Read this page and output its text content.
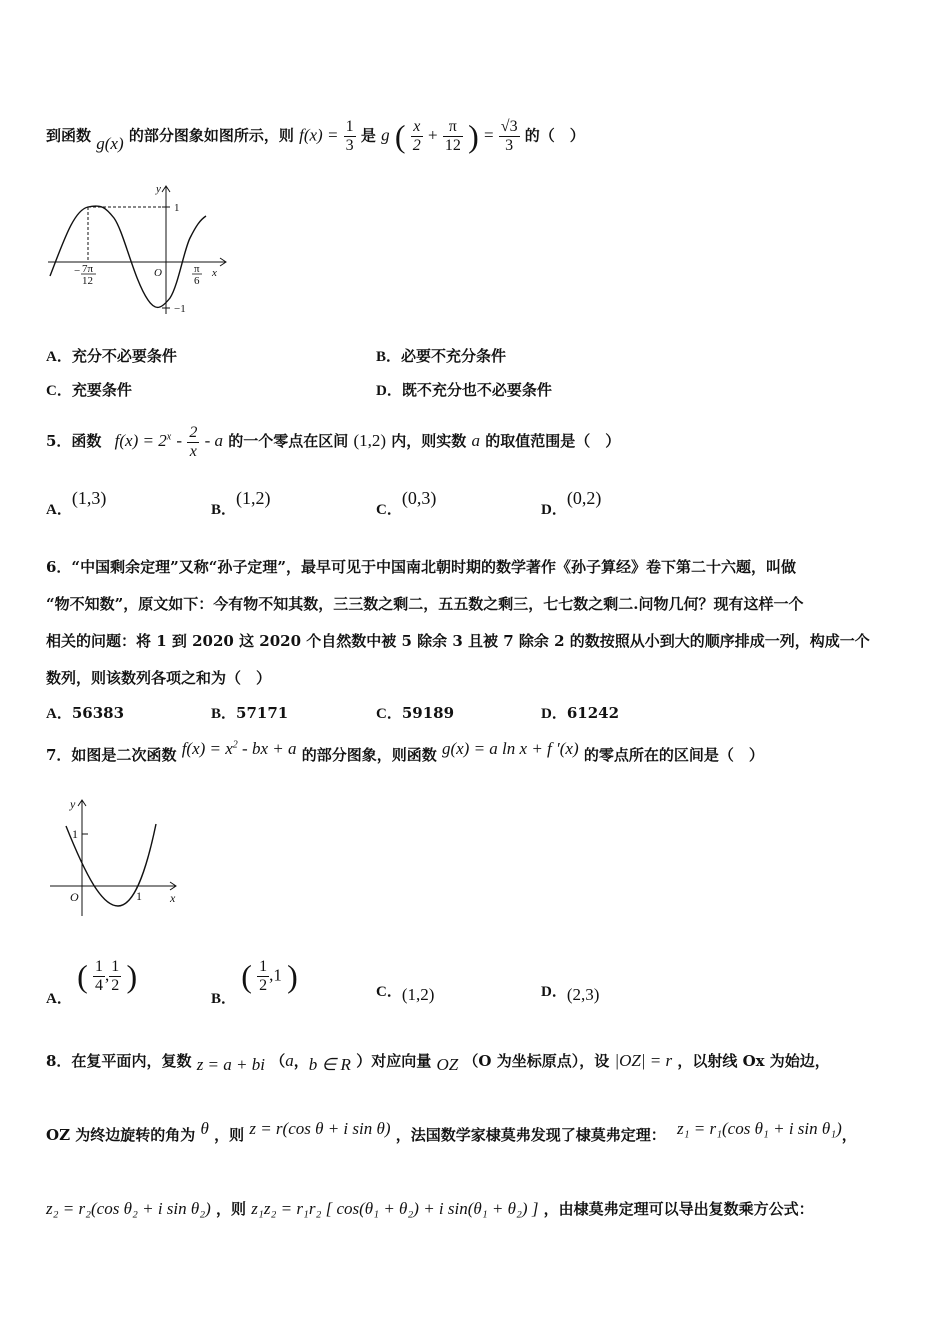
到函数 g(x) 的部分图象如图所示，则 $f(x) = \frac{1}{3}$ 是 g ( $\frac{x}{2} + \frac{\pi}{12}$ ) = $\frac{√3}{3}$ 的（　）
y
x
O
1
−1
− 7π
12
π
6
A．充分不必要条件	B．必要不充分条件
C．充要条件	D．既不充分也不必要条件
5．函数 $f(x) = 2^x - \frac{2}{x} - a$ 的一个零点在区间 (1,2) 内，则实数 a 的取值范围是（　）
A．(1,3)
B．(1,2)
C．(0,3)
D．(0,2)
6．“中国剩余定理”又称“孙子定理”，最早可见于中国南北朝时期的数学著作《孙子算经》卷下第二十六题，叫做
“物不知数”，原文如下：今有物不知其数，三三数之剩二，五五数之剩三，七七数之剩二.问物几何？现有这样一个
相关的问题：将 1 到 2020 这 2020 个自然数中被 5 除余 3 且被 7 除余 2 的数按照从小到大的顺序排成一列，构成一个
数列，则该数列各项之和为（　）
A．56383	B．57171	C．59189	D．61242
7．如图是二次函数 $f(x) = x^2$ - bx + a 的部分图象，则函数 g(x) = a ln x + f ′(x) 的零点所在的区间是（　）
y
x
O
1
1
A． ( $\frac{1}{4}$ , $\frac{1}{2}$ )
B． ( $\frac{1}{2} ,1$ )	C．(1,2)	D．(2,3)
8．在复平面内，复数 z = a + bi （a，b ∈ R ）对应向量 OZ （O 为坐标原点），设 |OZ| = r ，以射线 Ox 为始边，
OZ 为终边旋转的角为 θ ，则 z = r(cos θ + i sin θ) ，法国数学家棣莫弗发现了棣莫弗定理： z₁ = r₁(cos θ₁ + i sin θ₁)，
z₂ = r₂(cos θ₂ + i sin θ₂) ，则 z₁z₂ = r₁r₂ [ cos(θ₁ + θ₂) + i sin(θ₁ + θ₂) ] ，由棣莫弗定理可以导出复数乘方公式：
